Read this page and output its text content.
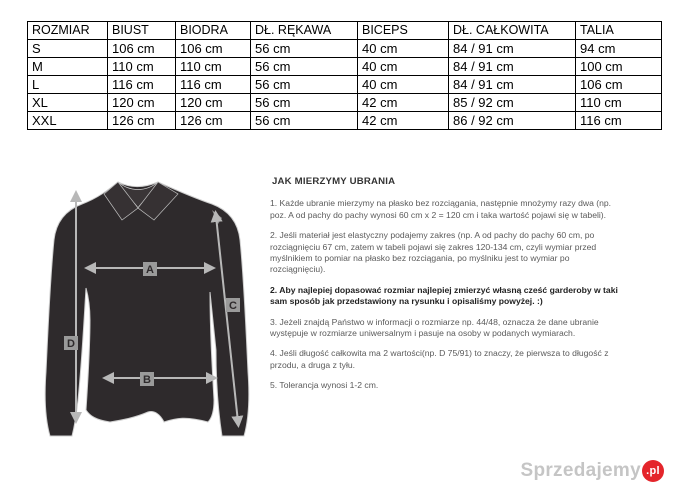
ROZMIAR	BIUST	BIODRA	DŁ. RĘKAWA	BICEPS	DŁ. CAŁKOWITA	TALIA
S	106 cm	106 cm	56 cm	40 cm	84 / 91 cm	94 cm
M	110 cm	110 cm	56 cm	40 cm	84 / 91 cm	100 cm
L	116 cm	116 cm	56 cm	40 cm	84 / 91 cm	106 cm
XL	120 cm	120 cm	56 cm	42 cm	85 / 92 cm	110 cm
XXL	126 cm	126 cm	56 cm	42 cm	86 / 92 cm	116 cm
A
B
C
D
JAK MIERZYMY UBRANIA

1. Każde ubranie mierzymy na płasko bez rozciągania, następnie mnożymy razy dwa (np. poz. A od pachy do pachy wynosi 60 cm x 2 = 120 cm i taka wartość pojawi się w tabeli).

2. Jeśli materiał jest elastyczny podajemy zakres (np. A od pachy do pachy 60 cm, po rozciągnięciu 67 cm, zatem w tabeli pojawi się zakres 120-134 cm, czyli wymiar przed myślnikiem to pomiar na płasko bez rozciągania, po myślniku jest to wymiar po rozciągnięciu).

2. Aby najlepiej dopasować rozmiar najlepiej zmierzyć własną cześć garderoby w taki sam sposób jak przedstawiony na rysunku i opisaliśmy powyżej. :)

3. Jeżeli znajdą Państwo w informacji o rozmiarze np. 44/48, oznacza że dane ubranie występuje w rozmiarze uniwersalnym i pasuje na osoby w podanych wymiarach.

4. Jeśli długość całkowita ma 2 wartości(np. D 75/91) to znaczy, że pierwsza to długość z przodu, a druga z tyłu.

5. Tolerancja wynosi 1-2 cm.

Sprzedajemy .pl
